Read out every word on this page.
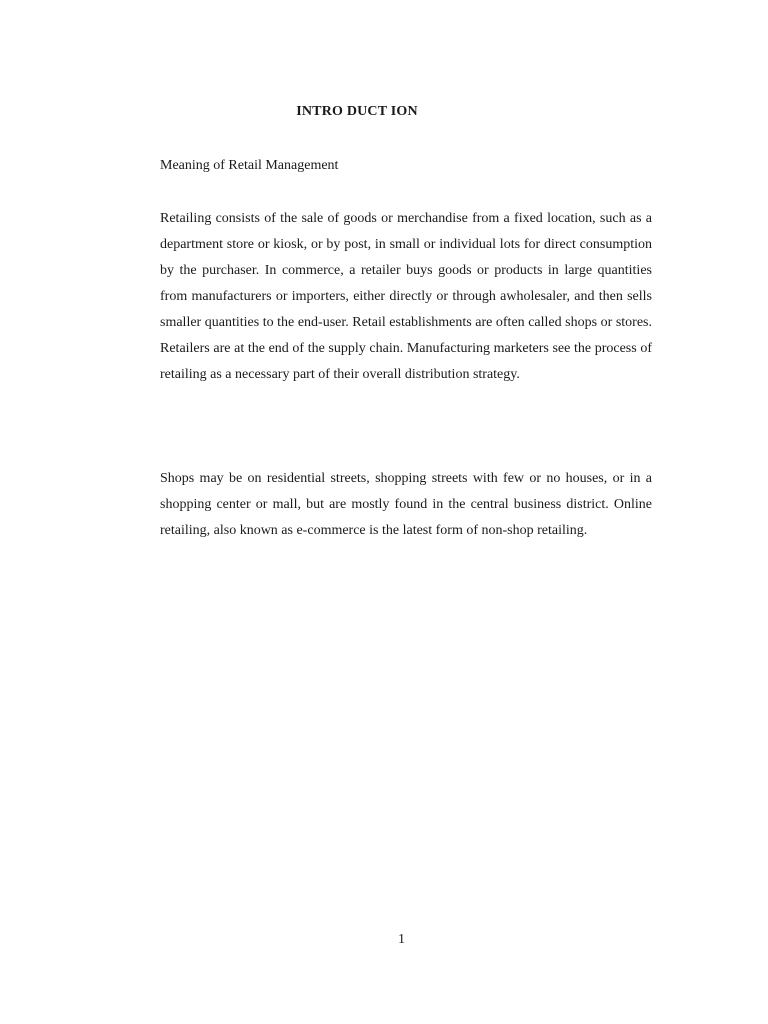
INTRO DUCT ION
Meaning of Retail Management

Retailing consists of the sale of goods or merchandise from a fixed location, such as a department store or kiosk, or by post, in small or individual lots for direct consumption by the purchaser. In commerce, a retailer buys goods or products in large quantities from manufacturers or importers, either directly or through awholesaler, and then sells smaller quantities to the end-user. Retail establishments are often called shops or stores. Retailers are at the end of the supply chain. Manufacturing marketers see the process of retailing as a necessary part of their overall distribution strategy.

Shops may be on residential streets, shopping streets with few or no houses, or in a shopping center or mall, but are mostly found in the central business district. Online retailing, also known as e-commerce is the latest form of non-shop retailing.

1
